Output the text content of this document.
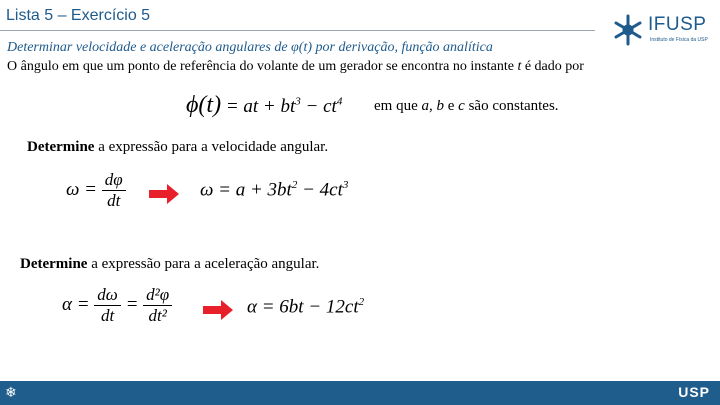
Lista 5 – Exercício 5	IFUSP
Instituto de Física da USP
Determinar velocidade e aceleração angulares de φ(t) por derivação, função analítica
O ângulo em que um ponto de referência do volante de um gerador se encontra no instante t é dado por
ϕ(t) = at + $bt^3 - ct^4$ em que a, b e c são constantes.
Determine a expressão para a velocidade angular.
$\omega = \frac{d\varphi}{dt}$	$\omega = a + 3bt^2 - 4ct^3$
Determine a expressão para a aceleração angular.
$\alpha = \frac{d\omega}{dt} = \frac{\text{d²φ}}{\text{dt²}}$	$\alpha = 6bt - 12ct^2$
❄	USP
